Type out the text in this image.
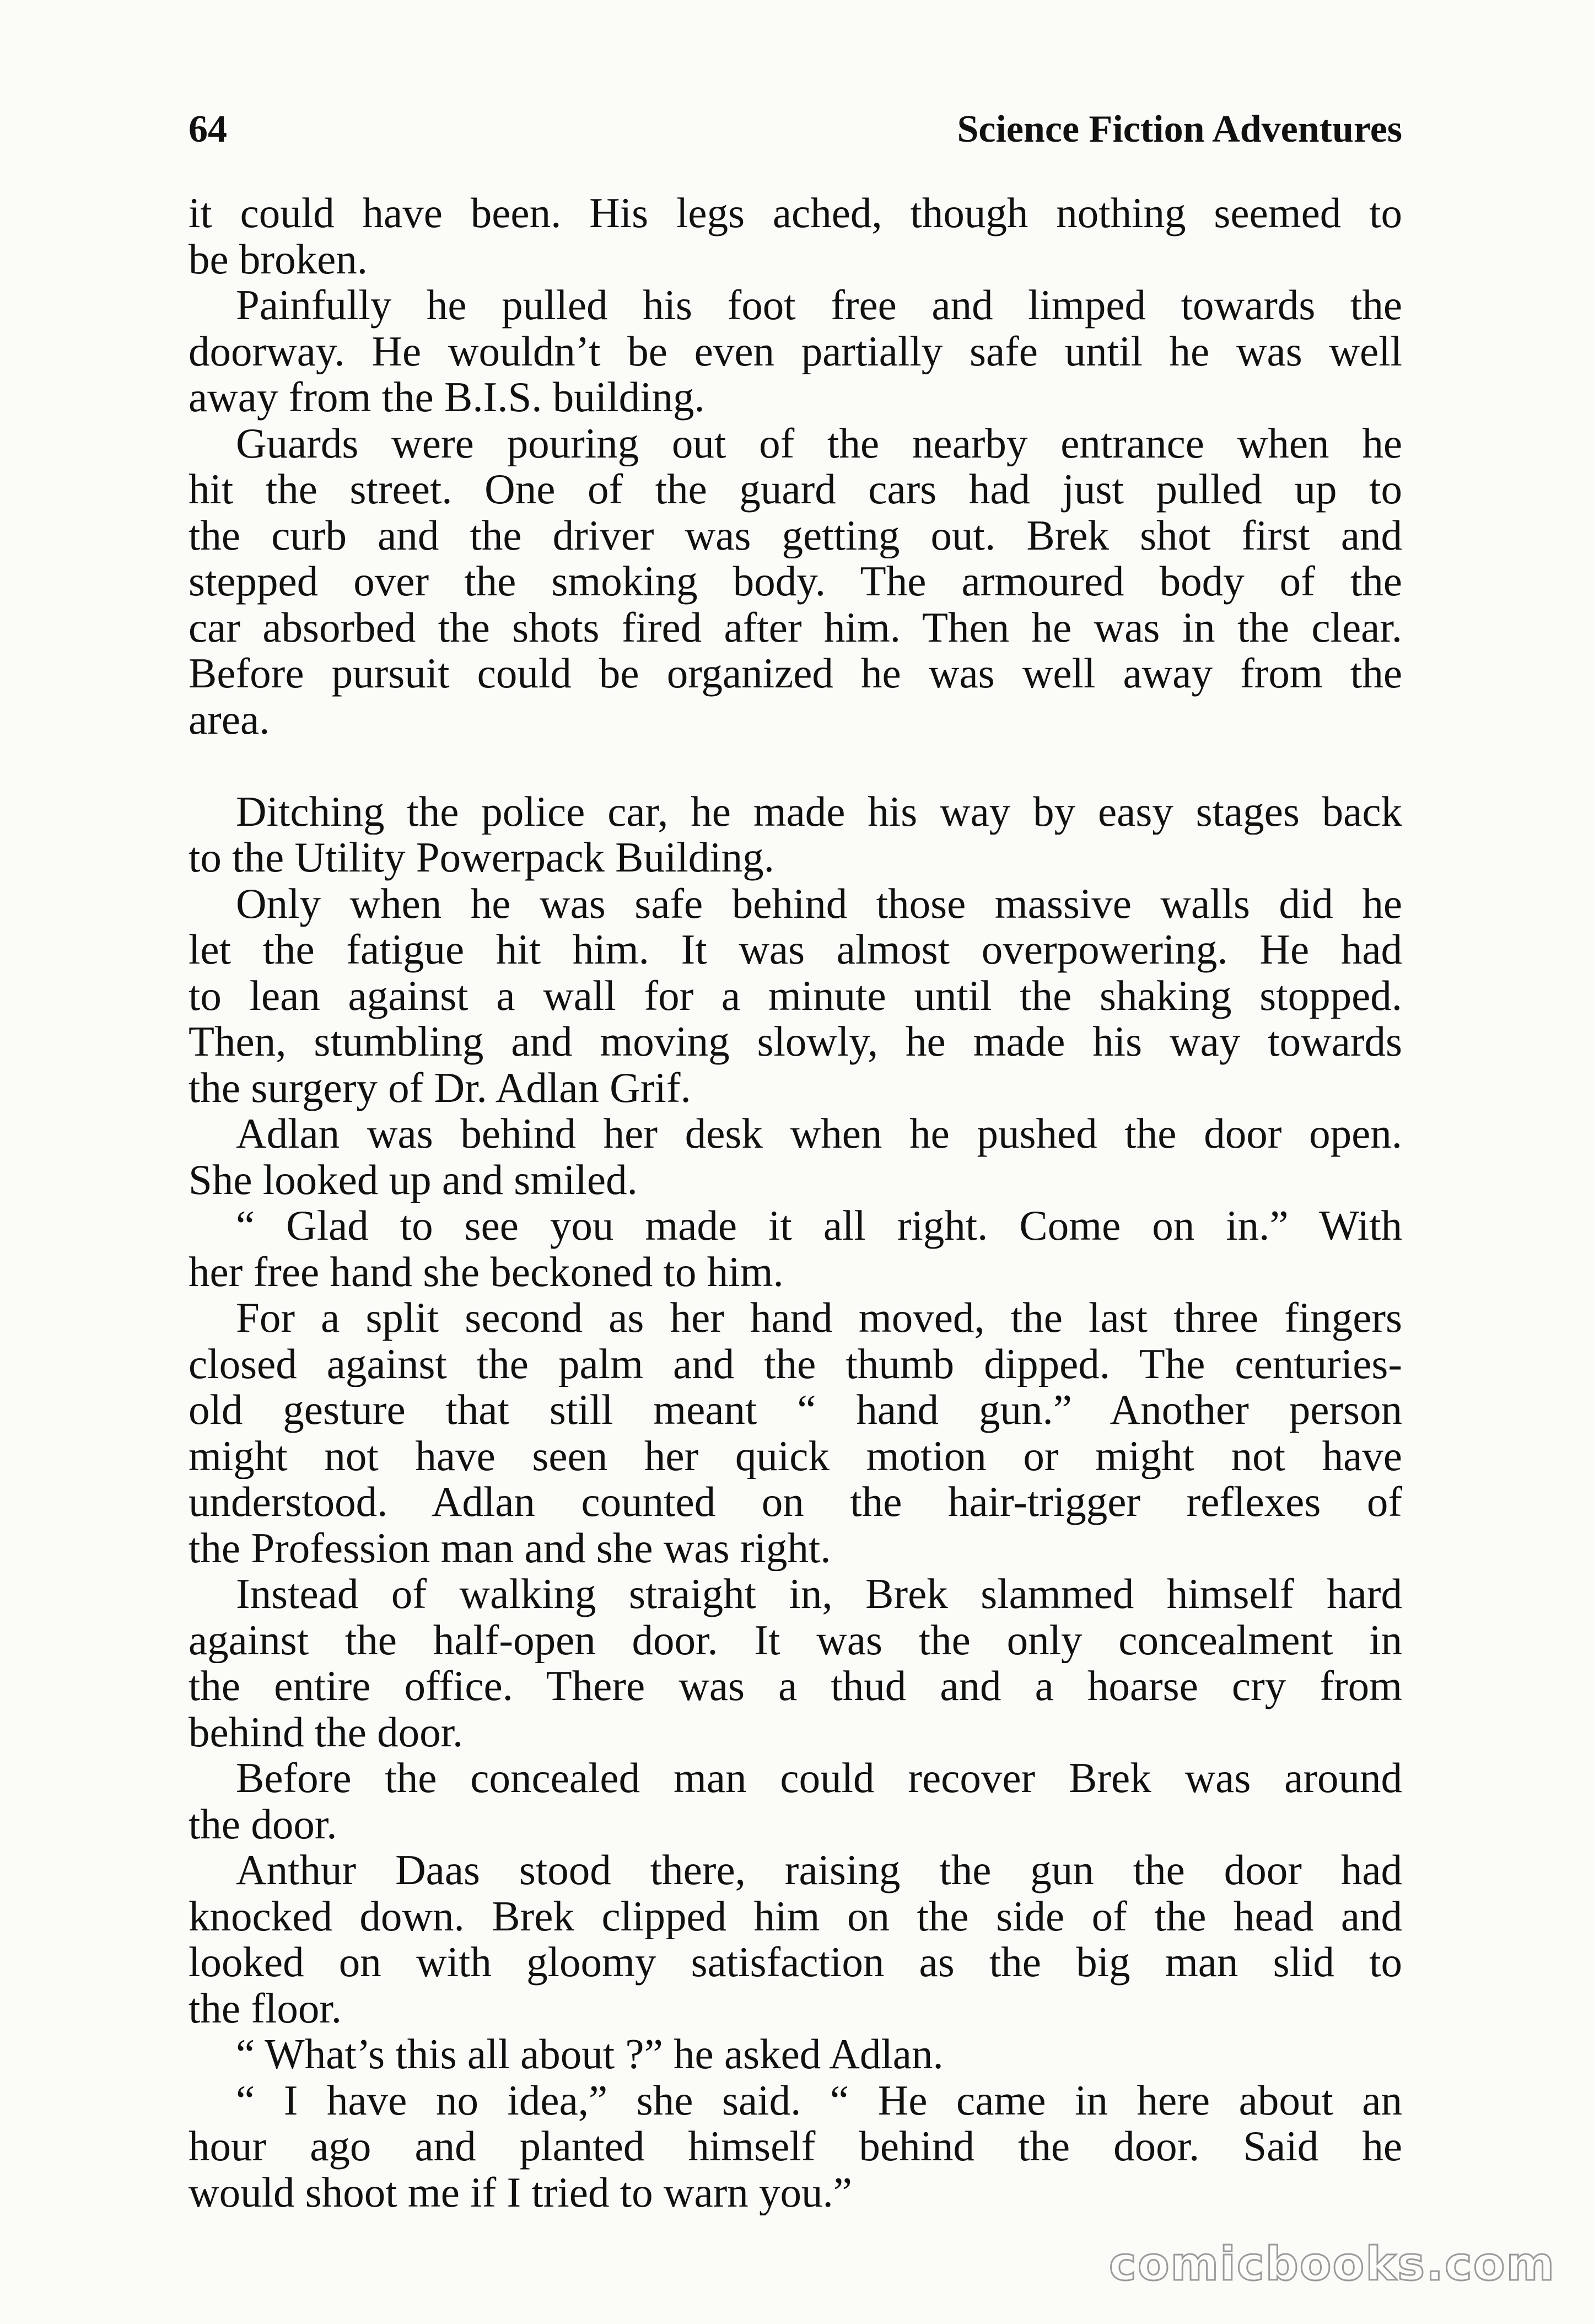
64	Science Fiction Adventures
it could have been. His legs ached, though nothing seemed to
be broken.
Painfully he pulled his foot free and limped towards the
doorway. He wouldn’t be even partially safe until he was well
away from the B.I.S. building.
Guards were pouring out of the nearby entrance when he
hit the street. One of the guard cars had just pulled up to
the curb and the driver was getting out. Brek shot first and
stepped over the smoking body. The armoured body of the
car absorbed the shots fired after him. Then he was in the clear.
Before pursuit could be organized he was well away from the
area.
Ditching the police car, he made his way by easy stages back
to the Utility Powerpack Building.
Only when he was safe behind those massive walls did he
let the fatigue hit him. It was almost overpowering. He had
to lean against a wall for a minute until the shaking stopped.
Then, stumbling and moving slowly, he made his way towards
the surgery of Dr. Adlan Grif.
Adlan was behind her desk when he pushed the door open.
She looked up and smiled.
“ Glad to see you made it all right. Come on in.” With
her free hand she beckoned to him.
For a split second as her hand moved, the last three fingers
closed against the palm and the thumb dipped. The centuries-
old gesture that still meant “ hand gun.” Another person
might not have seen her quick motion or might not have
understood. Adlan counted on the hair-trigger reflexes of
the Profession man and she was right.
Instead of walking straight in, Brek slammed himself hard
against the half-open door. It was the only concealment in
the entire office. There was a thud and a hoarse cry from
behind the door.
Before the concealed man could recover Brek was around
the door.
Anthur Daas stood there, raising the gun the door had
knocked down. Brek clipped him on the side of the head and
looked on with gloomy satisfaction as the big man slid to
the floor.
“ What’s this all about ?” he asked Adlan.
“ I have no idea,” she said. “ He came in here about an
hour ago and planted himself behind the door. Said he
would shoot me if I tried to warn you.”
comicbooks.com
